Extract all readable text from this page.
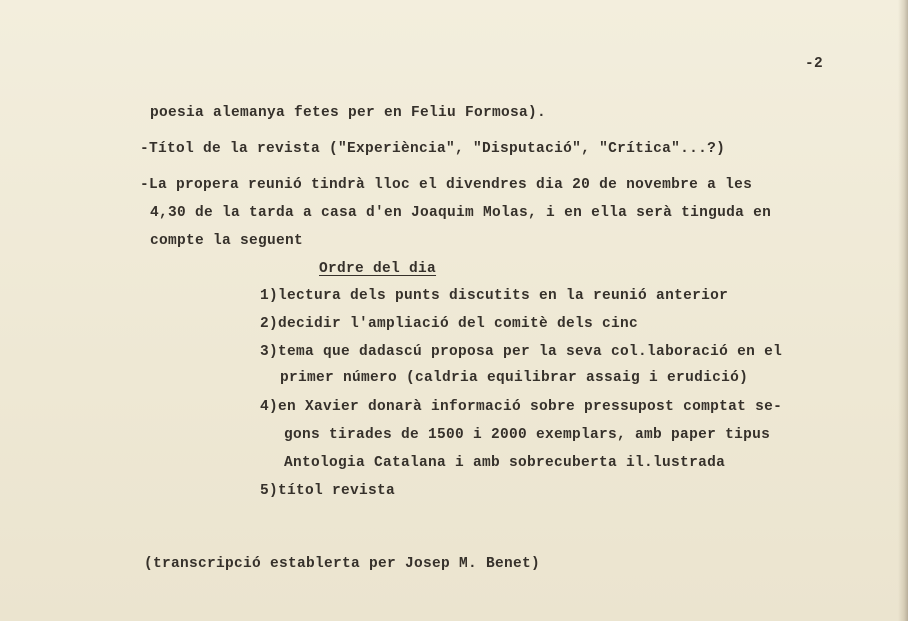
-2
poesia alemanya fetes per en Feliu Formosa).
-Títol de la revista ("Experiència", "Disputació", "Crítica"...?)
-La propera reunió tindrà lloc el divendres dia 20 de novembre a les
4,30 de la tarda a casa d'en Joaquim Molas, i en ella serà tinguda en
compte la seguent
Ordre del dia
1)lectura dels punts discutits en la reunió anterior
2)decidir l'ampliació del comitè dels cinc
3)tema que dadascú proposa per la seva col.laboració en el
primer número (caldria equilibrar assaig i erudició)
4)en Xavier donarà informació sobre pressupost comptat se-
gons tirades de 1500 i 2000 exemplars, amb paper tipus
Antologia Catalana i amb sobrecuberta il.lustrada
5)títol revista
(transcripció establerta per Josep M. Benet)
